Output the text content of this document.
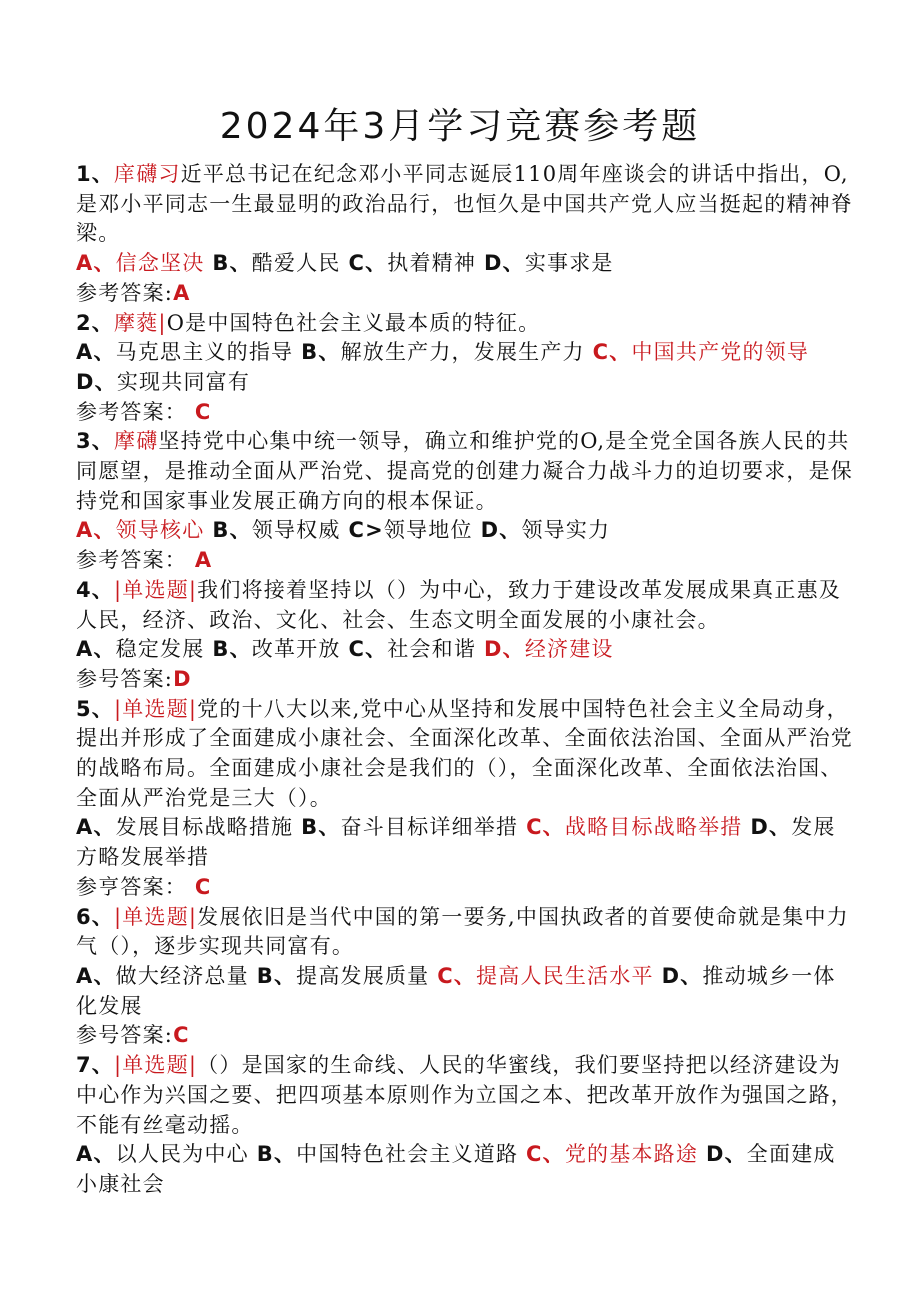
2024年3月学习竞赛参考题

1、庠礴习近平总书记在纪念邓小平同志诞辰110周年座谈会的讲话中指出，O,是邓小平同志一生最显明的政治品行，也恒久是中国共产党人应当挺起的精神脊梁。

A、信念坚决 B、酷爱人民 C、执着精神 D、实事求是

参考答案:A

2、摩蕤|O是中国特色社会主义最本质的特征。

A、马克思主义的指导 B、解放生产力，发展生产力 C、中国共产党的领导 D、实现共同富有

参考答案： C

3、摩礴坚持党中心集中统一领导，确立和维护党的O,是全党全国各族人民的共同愿望，是推动全面从严治党、提高党的创建力凝合力战斗力的迫切要求，是保持党和国家事业发展正确方向的根本保证。

A、领导核心 B、领导权威 C>领导地位 D、领导实力

参考答案： A

4、|单选题|我们将接着坚持以（）为中心，致力于建设改革发展成果真正惠及人民，经济、政治、文化、社会、生态文明全面发展的小康社会。

A、稳定发展 B、改革开放 C、社会和谐 D、经济建设

参号答案:D

5、|单选题|党的十八大以来,党中心从坚持和发展中国特色社会主义全局动身，提出并形成了全面建成小康社会、全面深化改革、全面依法治国、全面从严治党的战略布局。全面建成小康社会是我们的（），全面深化改革、全面依法治国、全面从严治党是三大（）。

A、发展目标战略措施 B、奋斗目标详细举措 C、战略目标战略举措 D、发展方略发展举措

参亨答案： C

6、|单选题|发展依旧是当代中国的第一要务,中国执政者的首要使命就是集中力气（），逐步实现共同富有。

A、做大经济总量 B、提高发展质量 C、提高人民生活水平 D、推动城乡一体化发展

参号答案:C

7、|单选题|（）是国家的生命线、人民的华蜜线，我们要坚持把以经济建设为中心作为兴国之要、把四项基本原则作为立国之本、把改革开放作为强国之路，不能有丝毫动摇。

A、以人民为中心 B、中国特色社会主义道路 C、党的基本路途 D、全面建成小康社会
